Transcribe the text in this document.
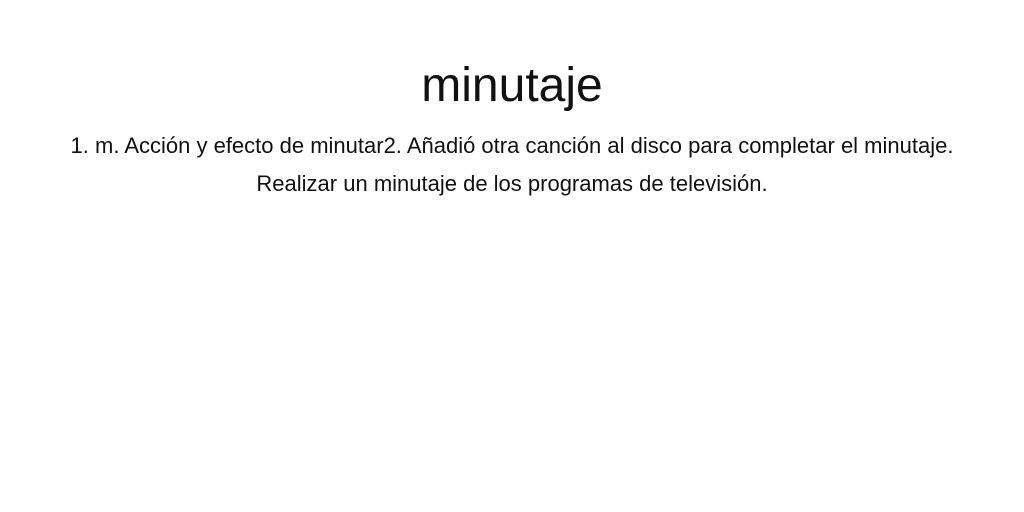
minutaje

1. m. Acción y efecto de minutar2. Añadió otra canción al disco para completar el minutaje. Realizar un minutaje de los programas de televisión.
